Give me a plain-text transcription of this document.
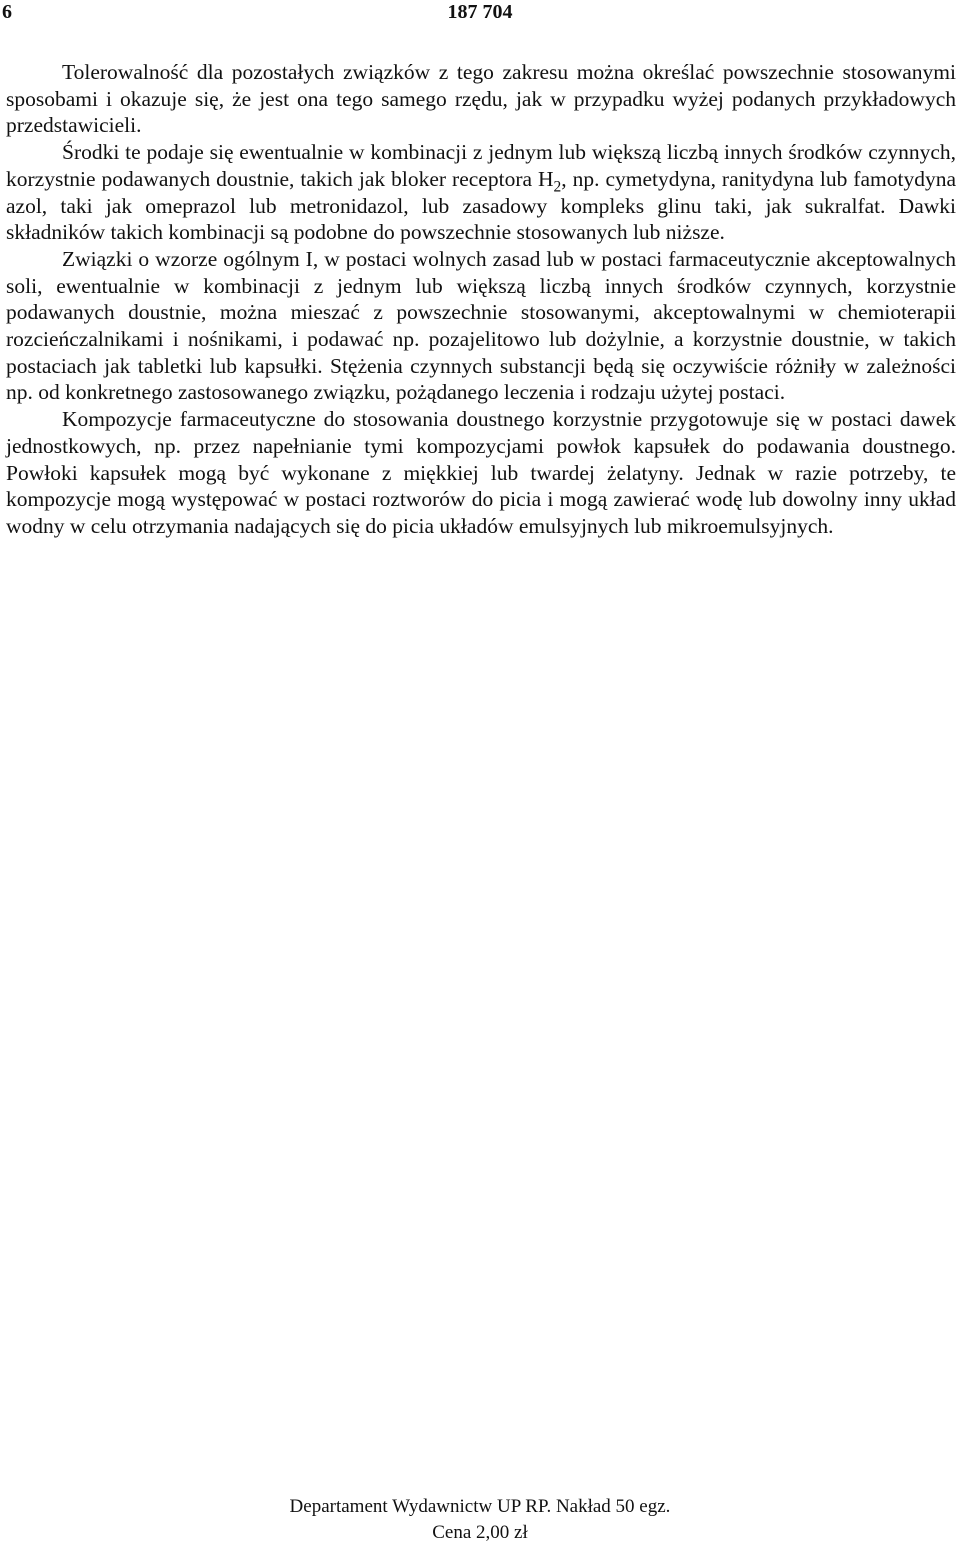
6	187 704

Tolerowalność dla pozostałych związków z tego zakresu można określać powszechnie stosowanymi sposobami i okazuje się, że jest ona tego samego rzędu, jak w przypadku wyżej podanych przykładowych przedstawicieli.

Środki te podaje się ewentualnie w kombinacji z jednym lub większą liczbą innych środków czynnych, korzystnie podawanych doustnie, takich jak bloker receptora $H_2$, np. cymetydyna, ranitydyna lub famotydyna azol, taki jak omeprazol lub metronidazol, lub zasadowy kompleks glinu taki, jak sukralfat. Dawki składników takich kombinacji są podobne do powszechnie stosowanych lub niższe.

Związki o wzorze ogólnym I, w postaci wolnych zasad lub w postaci farmaceutycznie akceptowalnych soli, ewentualnie w kombinacji z jednym lub większą liczbą innych środków czynnych, korzystnie podawanych doustnie, można mieszać z powszechnie stosowanymi, akceptowalnymi w chemioterapii rozcieńczalnikami i nośnikami, i podawać np. pozajelitowo lub dożylnie, a korzystnie doustnie, w takich postaciach jak tabletki lub kapsułki. Stężenia czynnych substancji będą się oczywiście różniły w zależności np. od konkretnego zastosowanego związku, pożądanego leczenia i rodzaju użytej postaci.

Kompozycje farmaceutyczne do stosowania doustnego korzystnie przygotowuje się w postaci dawek jednostkowych, np. przez napełnianie tymi kompozycjami powłok kapsułek do podawania doustnego. Powłoki kapsułek mogą być wykonane z miękkiej lub twardej żelatyny. Jednak w razie potrzeby, te kompozycje mogą występować w postaci roztworów do picia i mogą zawierać wodę lub dowolny inny układ wodny w celu otrzymania nadających się do picia układów emulsyjnych lub mikroemulsyjnych.

Departament Wydawnictw UP RP. Nakład 50 egz.
Cena 2,00 zł
